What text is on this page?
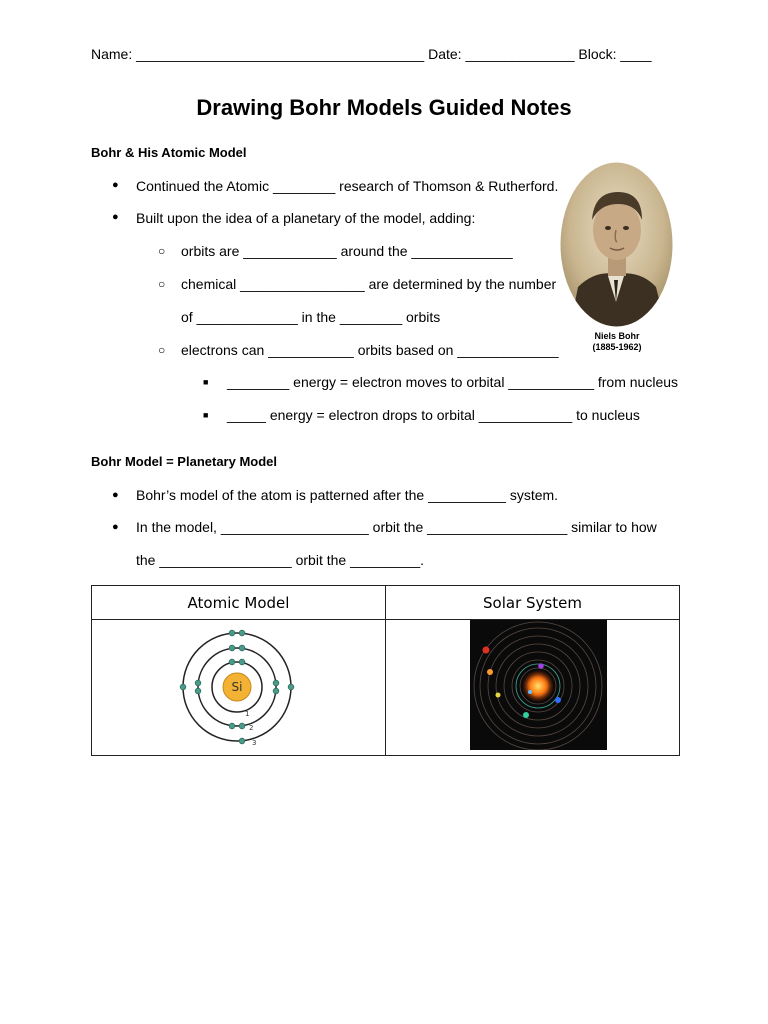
Name: _____________________________________ Date: ______________ Block: ____
Drawing Bohr Models Guided Notes
Bohr & His Atomic Model
● Continued the Atomic ________ research of Thomson & Rutherford.
● Built upon the idea of a planetary of the model, adding:
○ orbits are ____________ around the _____________
○ chemical ________________ are determined by the number
of _____________ in the ________ orbits
○ electrons can ___________ orbits based on _____________
■ ________ energy = electron moves to orbital ___________ from nucleus
■ _____ energy = electron drops to orbital ____________ to nucleus
Niels Bohr
(1885-1962)
Bohr Model = Planetary Model
● Bohr’s model of the atom is patterned after the __________ system.
● In the model, ___________________ orbit the __________________ similar to how
the _________________ orbit the _________.
Atomic Model	Solar System

Si
1
2
3
